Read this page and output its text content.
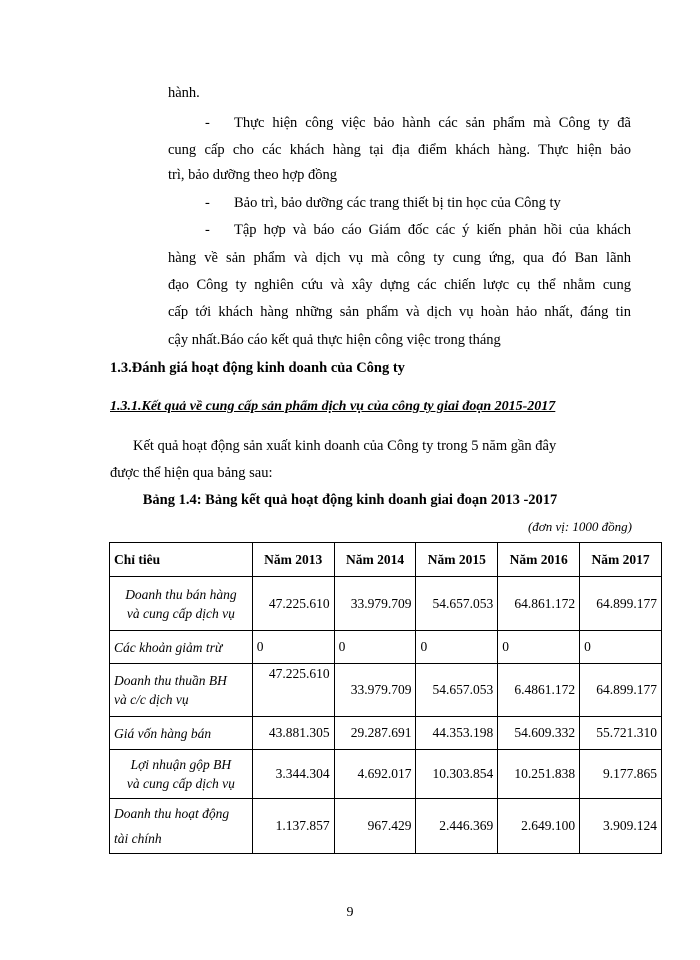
hành.
- Thực hiện công việc bảo hành các sản phẩm mà Công ty đã
cung cấp cho các khách hàng tại địa điểm khách hàng. Thực hiện bảo
trì, bảo dưỡng theo hợp đồng
- Bảo trì, bảo dưỡng các trang thiết bị tin học của Công ty
- Tập hợp và báo cáo Giám đốc các ý kiến phản hồi của khách
hàng về sản phẩm và dịch vụ mà công ty cung ứng, qua đó Ban lãnh
đạo Công ty nghiên cứu và xây dựng các chiến lược cụ thể nhằm cung
cấp tới khách hàng những sản phẩm và dịch vụ hoàn hảo nhất, đáng tin
cậy nhất.Báo cáo kết quả thực hiện công việc trong tháng
1.3.Đánh giá hoạt động kinh doanh của Công ty
1.3.1.Kết quả về cung cấp sản phẩm dịch vụ của công ty giai đoạn 2015-2017
Kết quả hoạt động sản xuất kinh doanh của Công ty trong 5 năm gần đây
được thể hiện qua bảng sau:
Bảng 1.4: Bảng kết quả hoạt động kinh doanh giai đoạn 2013 -2017
(đơn vị: 1000 đồng)
Chỉ tiêu	Năm 2013	Năm 2014	Năm 2015	Năm 2016	Năm 2017

Doanh thu bán hàng
và cung cấp dịch vụ	47.225.610	33.979.709	54.657.053	64.861.172	64.899.177
Các khoản giảm trừ	0	0	0	0	0

Doanh thu thuần BH
và c/c dịch vụ	47.225.610	33.979.709	54.657.053	6.4861.172	64.899.177
Giá vốn hàng bán	43.881.305	29.287.691	44.353.198	54.609.332	55.721.310

Lợi nhuận gộp BH
và cung cấp dịch vụ	3.344.304	4.692.017	10.303.854	10.251.838	9.177.865

Doanh thu hoạt động
tài chính	1.137.857	967.429	2.446.369	2.649.100	3.909.124
9
